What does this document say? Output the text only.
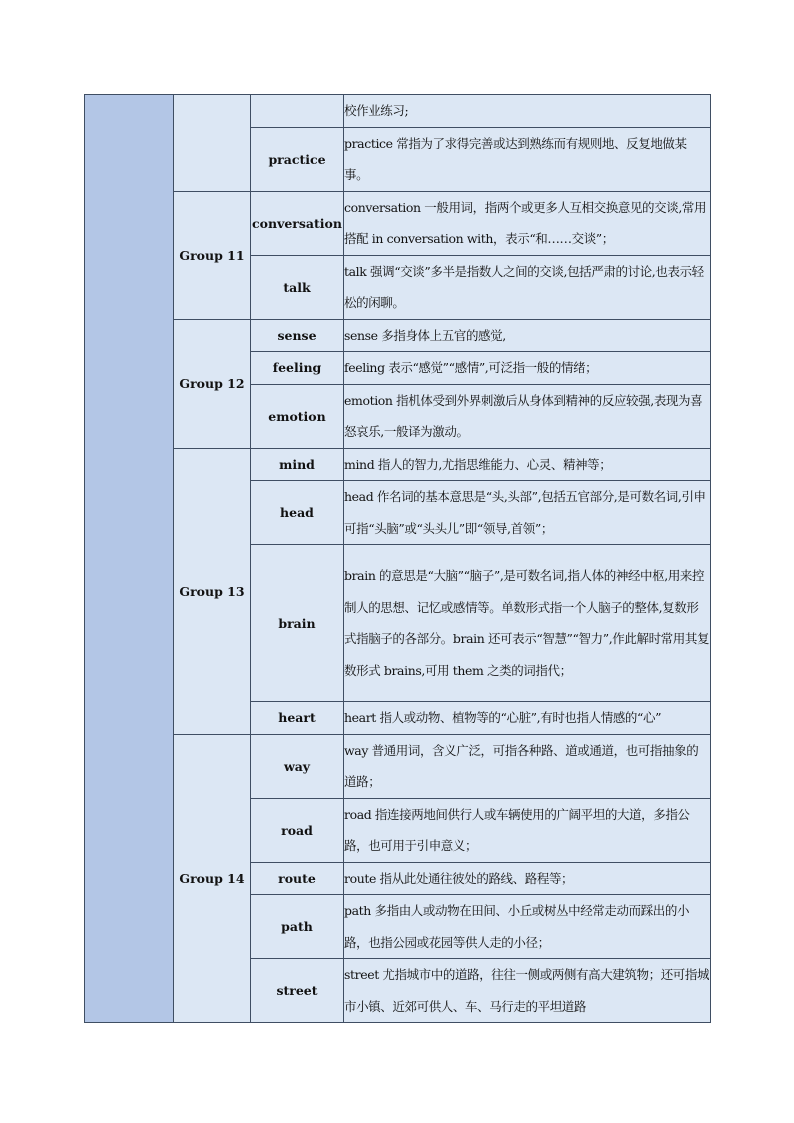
			校作业练习;
		practice	practice 常指为了求得完善或达到熟练而有规则地、反复地做某事。
	Group 11	conversation	conversation 一般用词，指两个或更多人互相交换意见的交谈,常用搭配 in conversation with，表示“和……交谈”；
		talk	talk 强调“交谈”多半是指数人之间的交谈,包括严肃的讨论,也表示轻松的闲聊。
	Group 12	sense	sense 多指身体上五官的感觉,
		feeling	feeling 表示“感觉”“感情”,可泛指一般的情绪；
		emotion	emotion 指机体受到外界刺激后从身体到精神的反应较强,表现为喜怒哀乐,一般译为激动。
	Group 13	mind	mind 指人的智力,尤指思维能力、心灵、精神等；
		head	head 作名词的基本意思是“头,头部”,包括五官部分,是可数名词,引申可指“头脑”或“头头儿”即“领导,首领”；
		brain	brain 的意思是“大脑”“脑子”,是可数名词,指人体的神经中枢,用来控制人的思想、记忆或感情等。单数形式指一个人脑子的整体,复数形式指脑子的各部分。brain 还可表示“智慧”“智力”,作此解时常用其复数形式 brains,可用 them 之类的词指代；
		heart	heart 指人或动物、植物等的“心脏”,有时也指人情感的“心”
	Group 14	way	way 普通用词，含义广泛，可指各种路、道或通道，也可指抽象的道路；
		road	road 指连接两地间供行人或车辆使用的广阔平坦的大道，多指公路，也可用于引申意义；
		route	route 指从此处通往彼处的路线、路程等；
		path	path 多指由人或动物在田间、小丘或树丛中经常走动而踩出的小路，也指公园或花园等供人走的小径；
		street	street 尤指城市中的道路，往往一侧或两侧有高大建筑物；还可指城市小镇、近郊可供人、车、马行走的平坦道路
